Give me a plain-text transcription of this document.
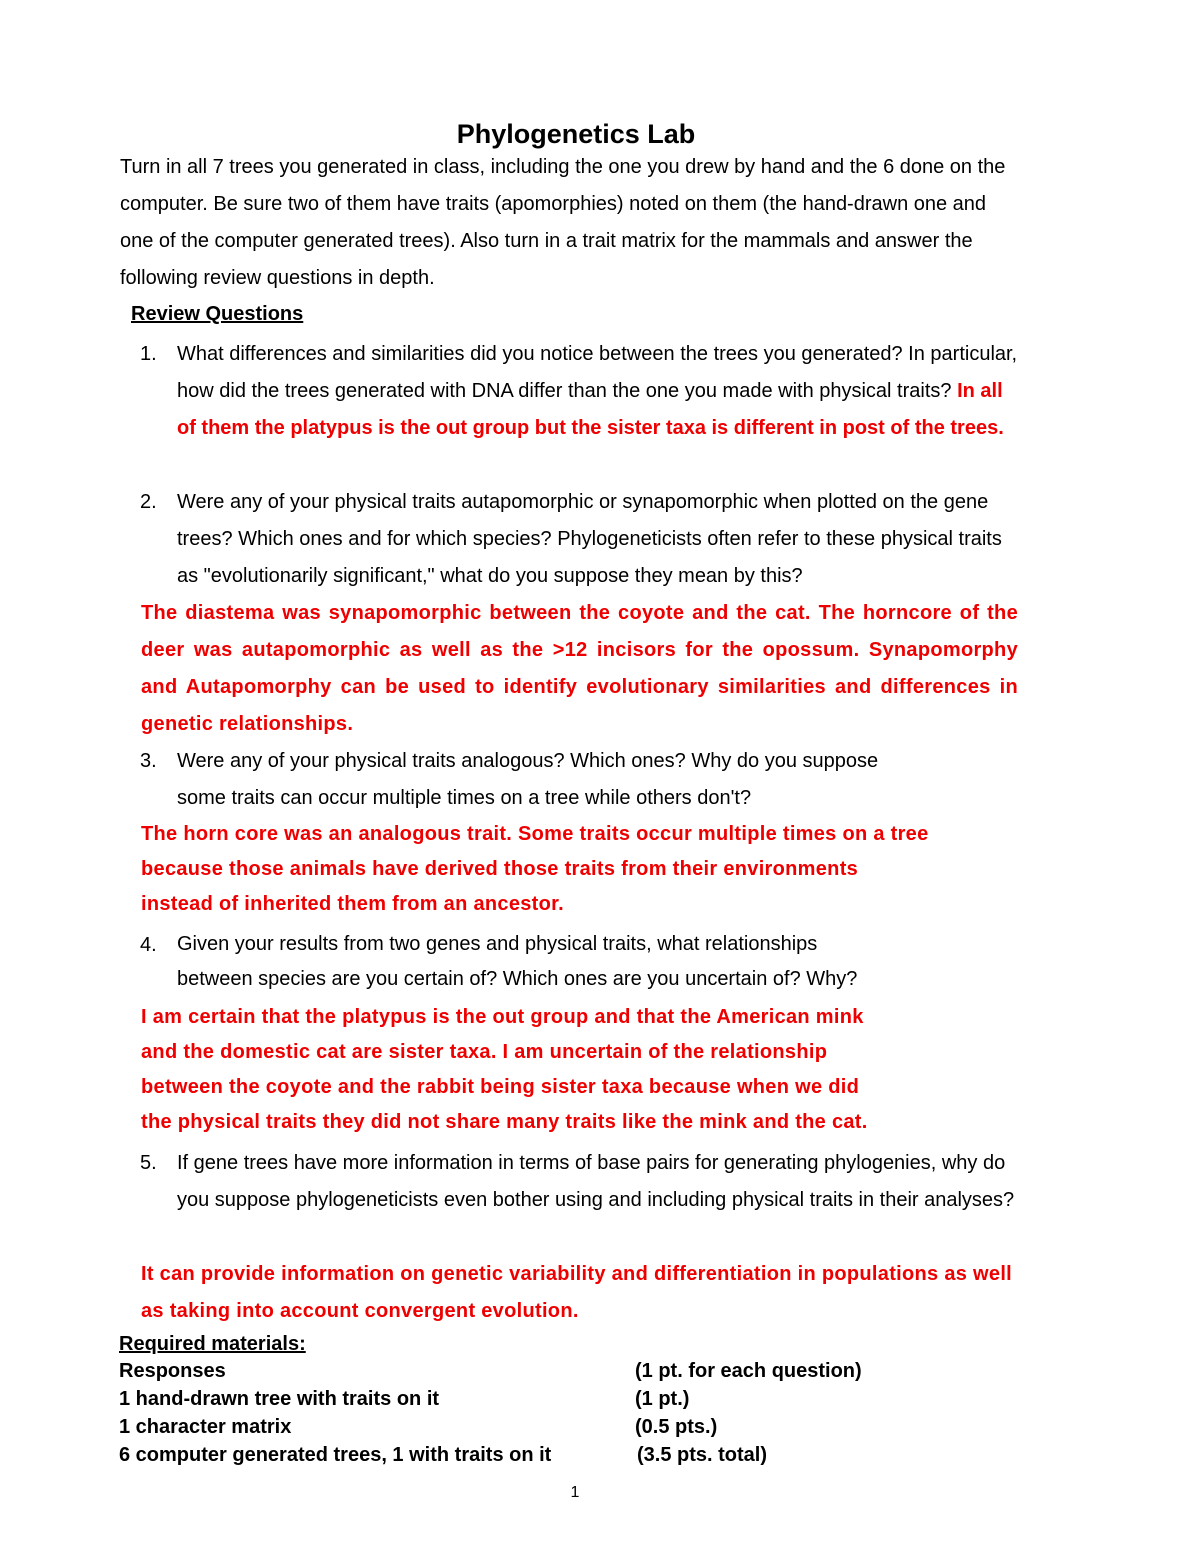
Phylogenetics Lab
Turn in all 7 trees you generated in class, including the one you drew by hand and the 6 done on the computer. Be sure two of them have traits (apomorphies) noted on them (the hand-drawn one and one of the computer generated trees). Also turn in a trait matrix for the mammals and answer the following review questions in depth.
Review Questions
1. What differences and similarities did you notice between the trees you generated? In particular, how did the trees generated with DNA differ than the one you made with physical traits? In all of them the platypus is the out group but the sister taxa is different in post of the trees.
2. Were any of your physical traits autapomorphic or synapomorphic when plotted on the gene trees? Which ones and for which species? Phylogeneticists often refer to these physical traits as "evolutionarily significant," what do you suppose they mean by this?
The diastema was synapomorphic between the coyote and the cat. The horncore of the deer was autapomorphic as well as the >12 incisors for the opossum. Synapomorphy and Autapomorphy can be used to identify evolutionary similarities and differences in genetic relationships.
3. Were any of your physical traits analogous? Which ones? Why do you suppose
some traits can occur multiple times on a tree while others don't?
The horn core was an analogous trait. Some traits occur multiple times on a tree
because those animals have derived those traits from their environments
instead of inherited them from an ancestor.
4. Given your results from two genes and physical traits, what relationships
between species are you certain of? Which ones are you uncertain of? Why?
I am certain that the platypus is the out group and that the American mink
and the domestic cat are sister taxa. I am uncertain of the relationship
between the coyote and the rabbit being sister taxa because when we did
the physical traits they did not share many traits like the mink and the cat.
5. If gene trees have more information in terms of base pairs for generating phylogenies, why do you suppose phylogeneticists even bother using and including physical traits in their analyses?
It can provide information on genetic variability and differentiation in populations as well as taking into account convergent evolution.
Required materials:
Responses	(1 pt. for each question)
1 hand-drawn tree with traits on it	(1 pt.)
1 character matrix	(0.5 pts.)
6 computer generated trees, 1 with traits on it	(3.5 pts. total)
1
